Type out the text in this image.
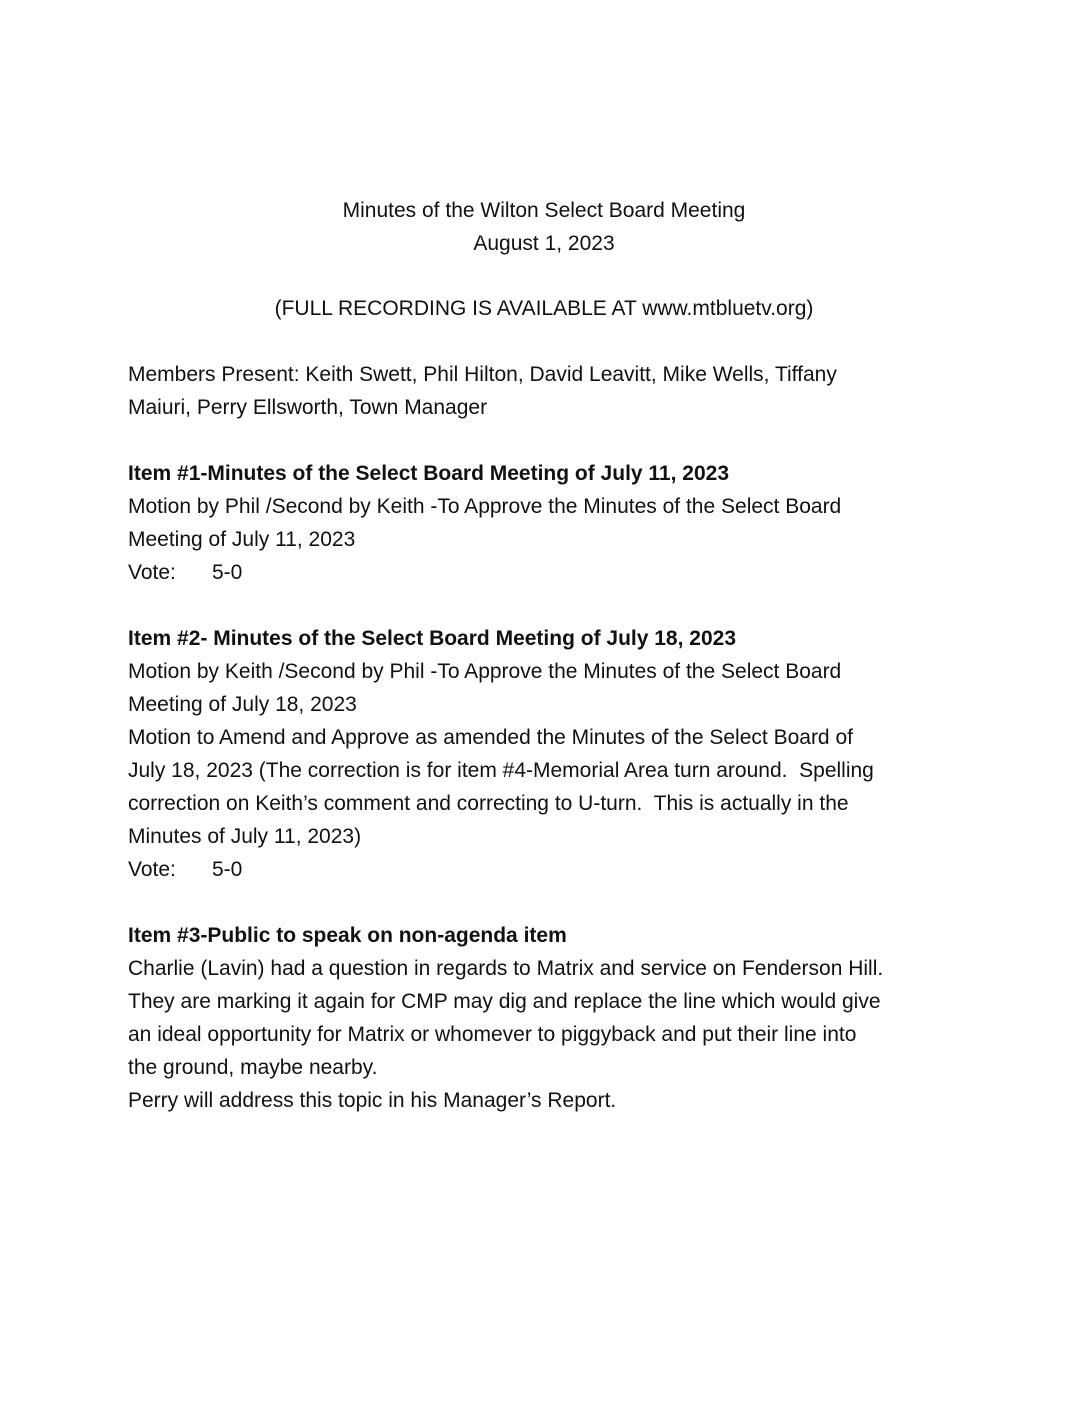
Minutes of the Wilton Select Board Meeting
August 1, 2023
(FULL RECORDING IS AVAILABLE AT www.mtbluetv.org)

Members Present: Keith Swett, Phil Hilton, David Leavitt, Mike Wells, Tiffany
Maiuri, Perry Ellsworth, Town Manager

Item #1-Minutes of the Select Board Meeting of July 11, 2023
Motion by Phil /Second by Keith -To Approve the Minutes of the Select Board
Meeting of July 11, 2023
Vote: 5-0
Item #2- Minutes of the Select Board Meeting of July 18, 2023
Motion by Keith /Second by Phil -To Approve the Minutes of the Select Board
Meeting of July 18, 2023
Motion to Amend and Approve as amended the Minutes of the Select Board of
July 18, 2023 (The correction is for item #4-Memorial Area turn around.  Spelling
correction on Keith’s comment and correcting to U-turn.  This is actually in the
Minutes of July 11, 2023)
Vote: 5-0
Item #3-Public to speak on non-agenda item
Charlie (Lavin) had a question in regards to Matrix and service on Fenderson Hill.
They are marking it again for CMP may dig and replace the line which would give
an ideal opportunity for Matrix or whomever to piggyback and put their line into
the ground, maybe nearby.
Perry will address this topic in his Manager’s Report.
